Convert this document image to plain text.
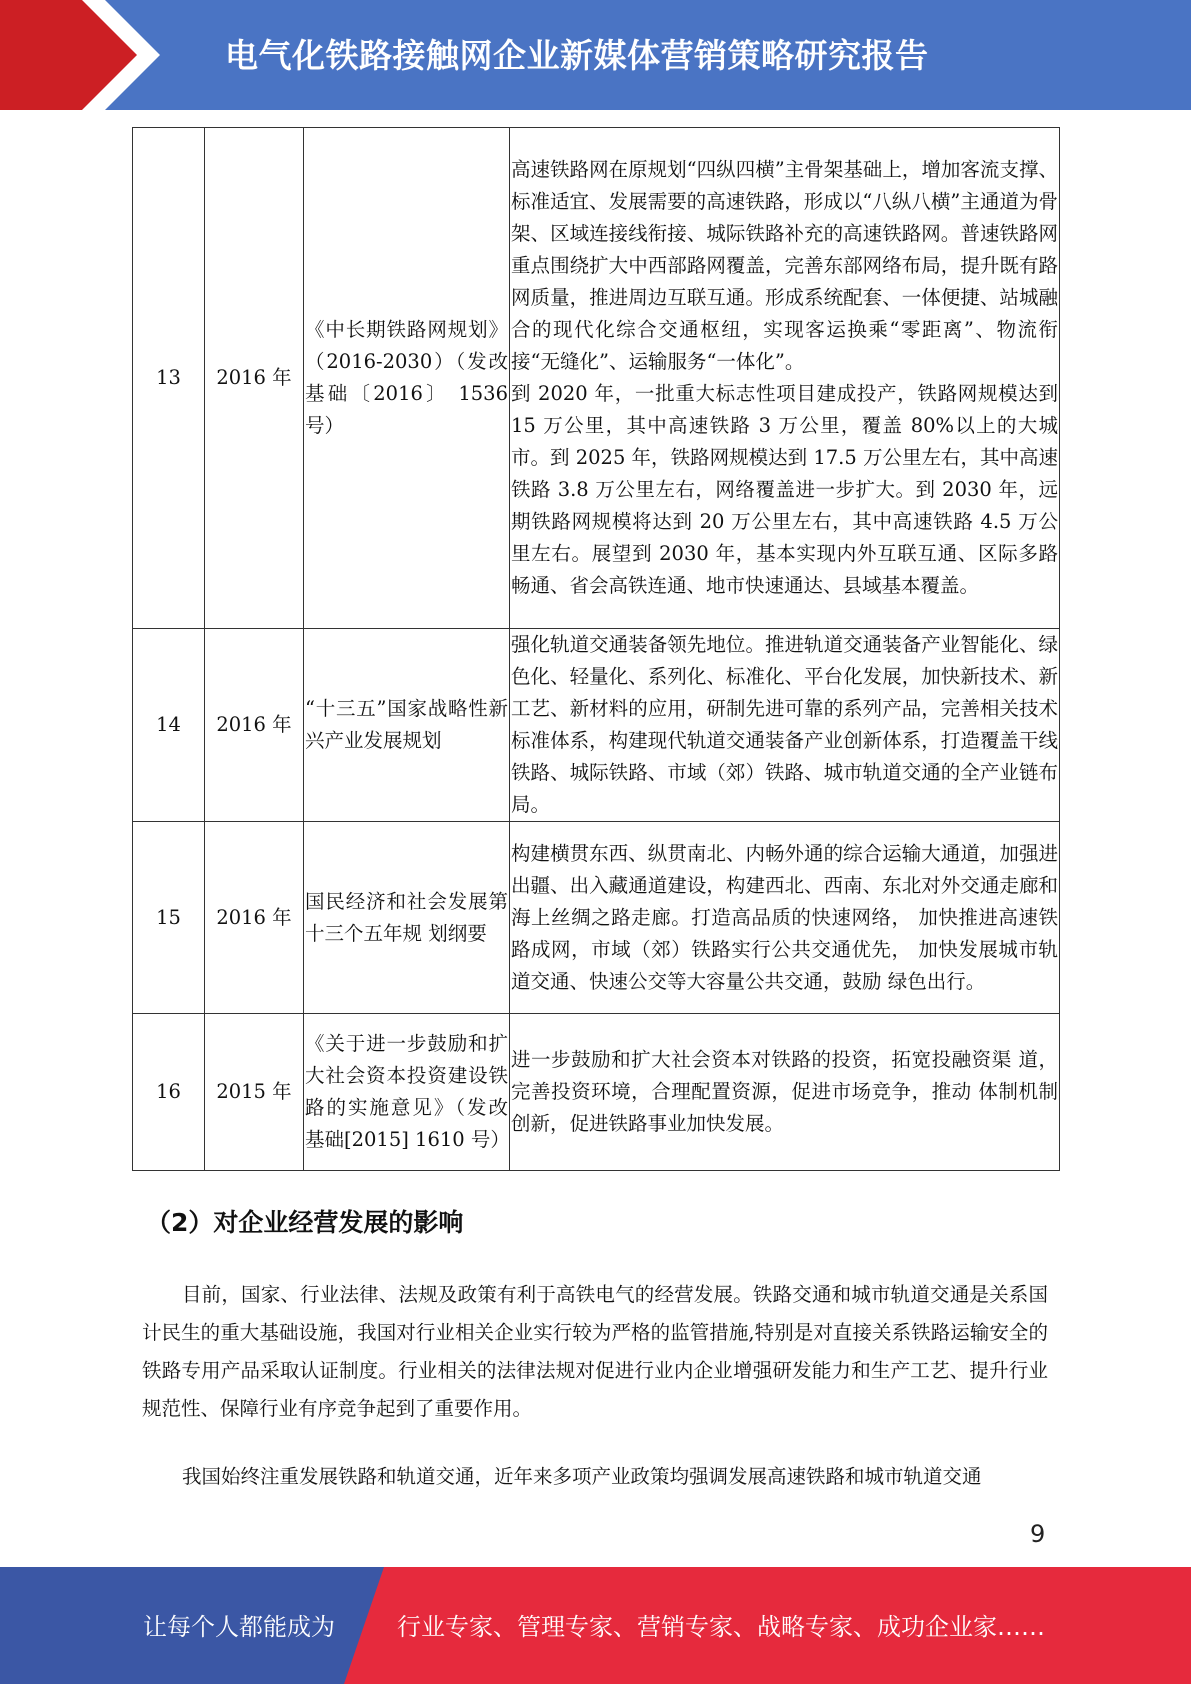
电气化铁路接触网企业新媒体营销策略研究报告
13	2016 年	《中长期铁路网规划》（2016-2030）（发改基础〔2016〕 1536 号）	高速铁路网在原规划“四纵四横”主骨架基础上，增加客流支撑、标准适宜、发展需要的高速铁路，形成以“八纵八横”主通道为骨架、区域连接线衔接、城际铁路补充的高速铁路网。普速铁路网重点围绕扩大中西部路网覆盖，完善东部网络布局，提升既有路网质量，推进周边互联互通。形成系统配套、一体便捷、站城融合的现代化综合交通枢纽，实现客运换乘“零距离”、物流衔接“无缝化”、运输服务“一体化”。
到 2020 年，一批重大标志性项目建成投产，铁路网规模达到 15 万公里，其中高速铁路 3 万公里，覆盖 80%以上的大城市。到 2025 年，铁路网规模达到 17.5 万公里左右，其中高速铁路 3.8 万公里左右，网络覆盖进一步扩大。到 2030 年，远期铁路网规模将达到 20 万公里左右，其中高速铁路 4.5 万公里左右。展望到 2030 年，基本实现内外互联互通、区际多路畅通、省会高铁连通、地市快速通达、县域基本覆盖。
14	2016 年	“十三五”国家战略性新兴产业发展规划	强化轨道交通装备领先地位。推进轨道交通装备产业智能化、绿色化、轻量化、系列化、标准化、平台化发展，加快新技术、新工艺、新材料的应用，研制先进可靠的系列产品，完善相关技术标准体系，构建现代轨道交通装备产业创新体系，打造覆盖干线铁路、城际铁路、市域（郊）铁路、城市轨道交通的全产业链布局。
15	2016 年	国民经济和社会发展第十三个五年规 划纲要	构建横贯东西、纵贯南北、内畅外通的综合运输大通道，加强进出疆、出入藏通道建设，构建西北、西南、东北对外交通走廊和海上丝绸之路走廊。打造高品质的快速网络， 加快推进高速铁路成网，市域（郊）铁路实行公共交通优先， 加快发展城市轨道交通、快速公交等大容量公共交通，鼓励 绿色出行。
16	2015 年	《关于进一步鼓励和扩大社会资本投资建设铁路的实施意见》（发改基础[2015] 1610 号）	进一步鼓励和扩大社会资本对铁路的投资，拓宽投融资渠 道，完善投资环境，合理配置资源，促进市场竞争，推动 体制机制创新，促进铁路事业加快发展。
（2）对企业经营发展的影响

目前，国家、行业法律、法规及政策有利于高铁电气的经营发展。铁路交通和城市轨道交通是关系国计民生的重大基础设施，我国对行业相关企业实行较为严格的监管措施,特别是对直接关系铁路运输安全的铁路专用产品采取认证制度。行业相关的法律法规对促进行业内企业增强研发能力和生产工艺、提升行业规范性、保障行业有序竞争起到了重要作用。

我国始终注重发展铁路和轨道交通，近年来多项产业政策均强调发展高速铁路和城市轨道交通

9
让每个人都能成为	行业专家、管理专家、营销专家、战略专家、成功企业家……
